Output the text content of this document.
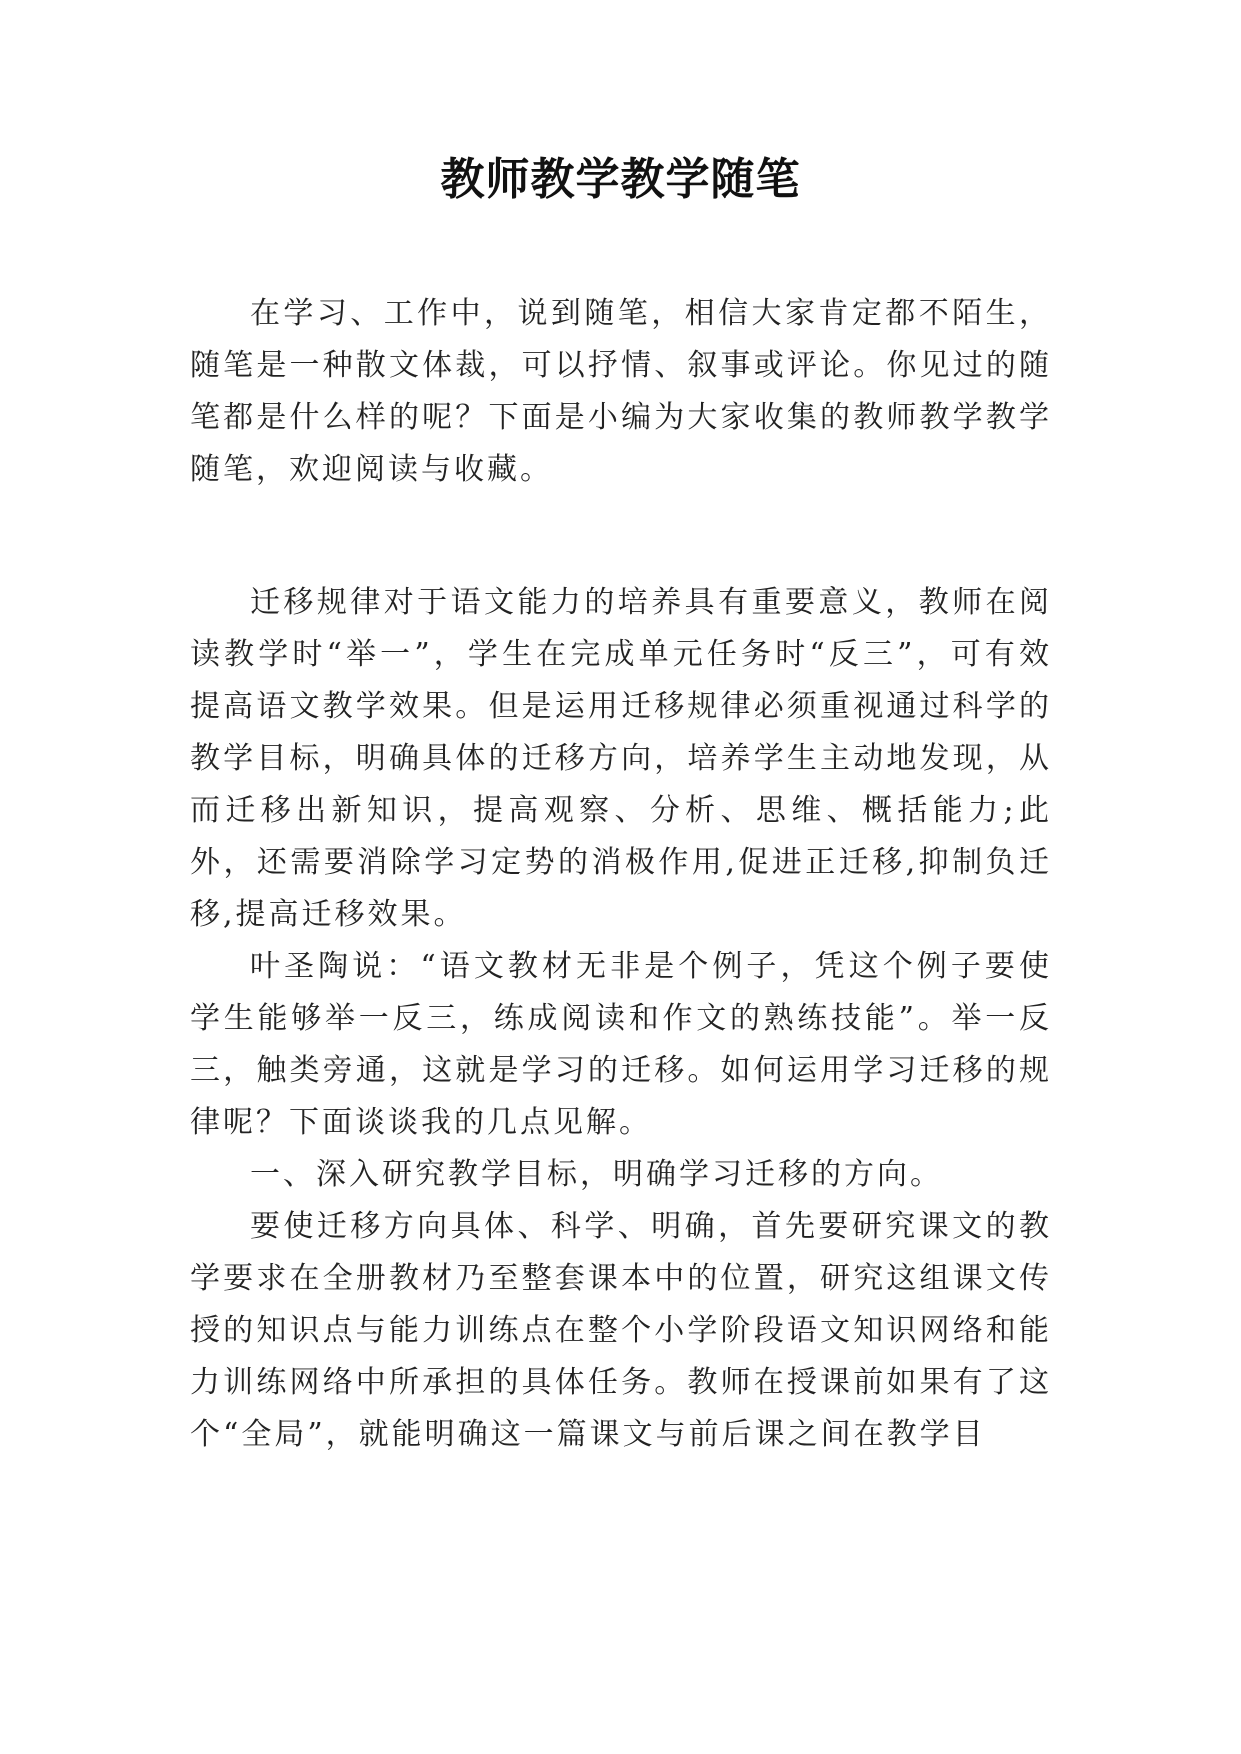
教师教学教学随笔

在学习、工作中，说到随笔，相信大家肯定都不陌生，随笔是一种散文体裁，可以抒情、叙事或评论。你见过的随笔都是什么样的呢？下面是小编为大家收集的教师教学教学随笔，欢迎阅读与收藏。

迁移规律对于语文能力的培养具有重要意义，教师在阅读教学时“举一”，学生在完成单元任务时“反三”，可有效提高语文教学效果。但是运用迁移规律必须重视通过科学的教学目标，明确具体的迁移方向，培养学生主动地发现，从而迁移出新知识，提高观察、分析、思维、概括能力;此外，还需要消除学习定势的消极作用,促进正迁移,抑制负迁移,提高迁移效果。

叶圣陶说：“语文教材无非是个例子，凭这个例子要使学生能够举一反三，练成阅读和作文的熟练技能”。举一反三，触类旁通，这就是学习的迁移。如何运用学习迁移的规律呢？下面谈谈我的几点见解。

一、深入研究教学目标，明确学习迁移的方向。

要使迁移方向具体、科学、明确，首先要研究课文的教学要求在全册教材乃至整套课本中的位置，研究这组课文传授的知识点与能力训练点在整个小学阶段语文知识网络和能力训练网络中所承担的具体任务。教师在授课前如果有了这个“全局”，就能明确这一篇课文与前后课之间在教学目
